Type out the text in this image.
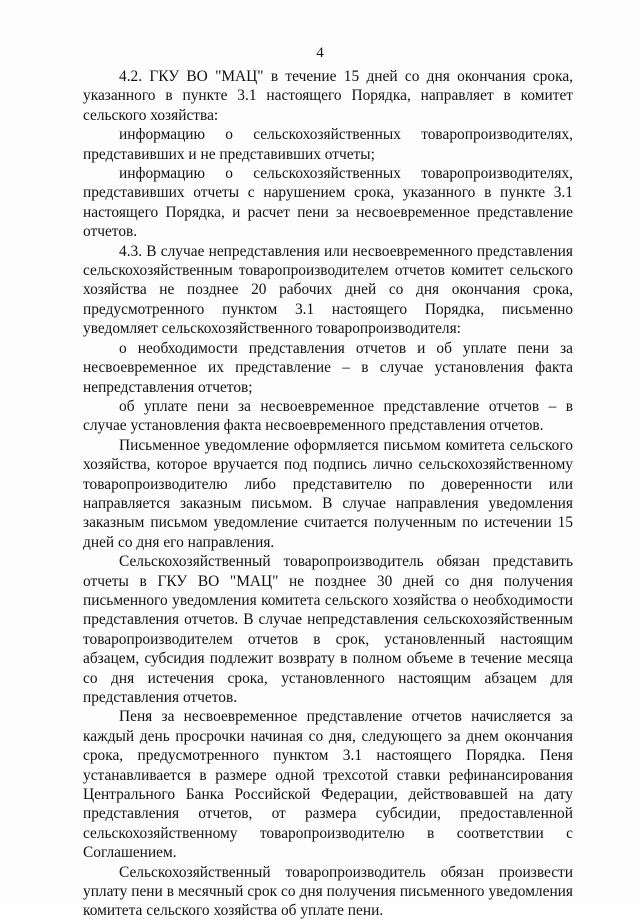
4

4.2. ГКУ ВО "МАЦ" в течение 15 дней со дня окончания срока, указанного в пункте 3.1 настоящего Порядка, направляет в комитет сельского хозяйства:

информацию о сельскохозяйственных товаропроизводителях, представивших и не представивших отчеты;

информацию о сельскохозяйственных товаропроизводителях, представивших отчеты с нарушением срока, указанного в пункте 3.1 настоящего Порядка, и расчет пени за несвоевременное представление отчетов.

4.3. В случае непредставления или несвоевременного представления сельскохозяйственным товаропроизводителем отчетов комитет сельского хозяйства не позднее 20 рабочих дней со дня окончания срока, предусмотренного пунктом 3.1 настоящего Порядка, письменно уведомляет сельскохозяйственного товаропроизводителя:

о необходимости представления отчетов и об уплате пени за несвоевременное их представление – в случае установления факта непредставления отчетов;

об уплате пени за несвоевременное представление отчетов – в случае установления факта несвоевременного представления отчетов.

Письменное уведомление оформляется письмом комитета сельского хозяйства, которое вручается под подпись лично сельскохозяйственному товаропроизводителю либо представителю по доверенности или направляется заказным письмом. В случае направления уведомления заказным письмом уведомление считается полученным по истечении 15 дней со дня его направления.

Сельскохозяйственный товаропроизводитель обязан представить отчеты в ГКУ ВО "МАЦ" не позднее 30 дней со дня получения письменного уведомления комитета сельского хозяйства о необходимости представления отчетов. В случае непредставления сельскохозяйственным товаропроизводителем отчетов в срок, установленный настоящим абзацем, субсидия подлежит возврату в полном объеме в течение месяца со дня истечения срока, установленного настоящим абзацем для представления отчетов.

Пеня за несвоевременное представление отчетов начисляется за каждый день просрочки начиная со дня, следующего за днем окончания срока, предусмотренного пунктом 3.1 настоящего Порядка. Пеня устанавливается в размере одной трехсотой ставки рефинансирования Центрального Банка Российской Федерации, действовавшей на дату представления отчетов, от размера субсидии, предоставленной сельскохозяйственному товаропроизводителю в соответствии с Соглашением.

Сельскохозяйственный товаропроизводитель обязан произвести уплату пени в месячный срок со дня получения письменного уведомления комитета сельского хозяйства об уплате пени.
